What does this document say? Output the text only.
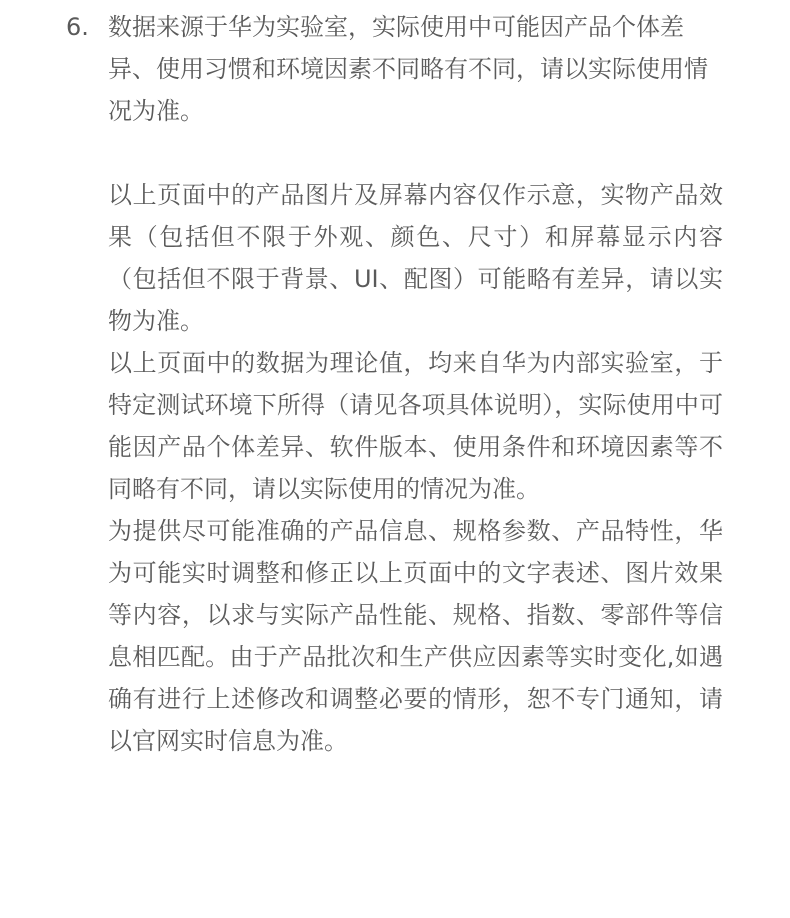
6. 数据来源于华为实验室，实际使用中可能因产品个体差异、使用习惯和环境因素不同略有不同，请以实际使用情况为准。
以上页面中的产品图片及屏幕内容仅作示意，实物产品效果（包括但不限于外观、颜色、尺寸）和屏幕显示内容（包括但不限于背景、UI、配图）可能略有差异，请以实物为准。
以上页面中的数据为理论值，均来自华为内部实验室，于特定测试环境下所得（请见各项具体说明），实际使用中可能因产品个体差异、软件版本、使用条件和环境因素等不同略有不同，请以实际使用的情况为准。
为提供尽可能准确的产品信息、规格参数、产品特性，华为可能实时调整和修正以上页面中的文字表述、图片效果等内容，以求与实际产品性能、规格、指数、零部件等信息相匹配。由于产品批次和生产供应因素等实时变化,如遇确有进行上述修改和调整必要的情形，恕不专门通知，请以官网实时信息为准。
